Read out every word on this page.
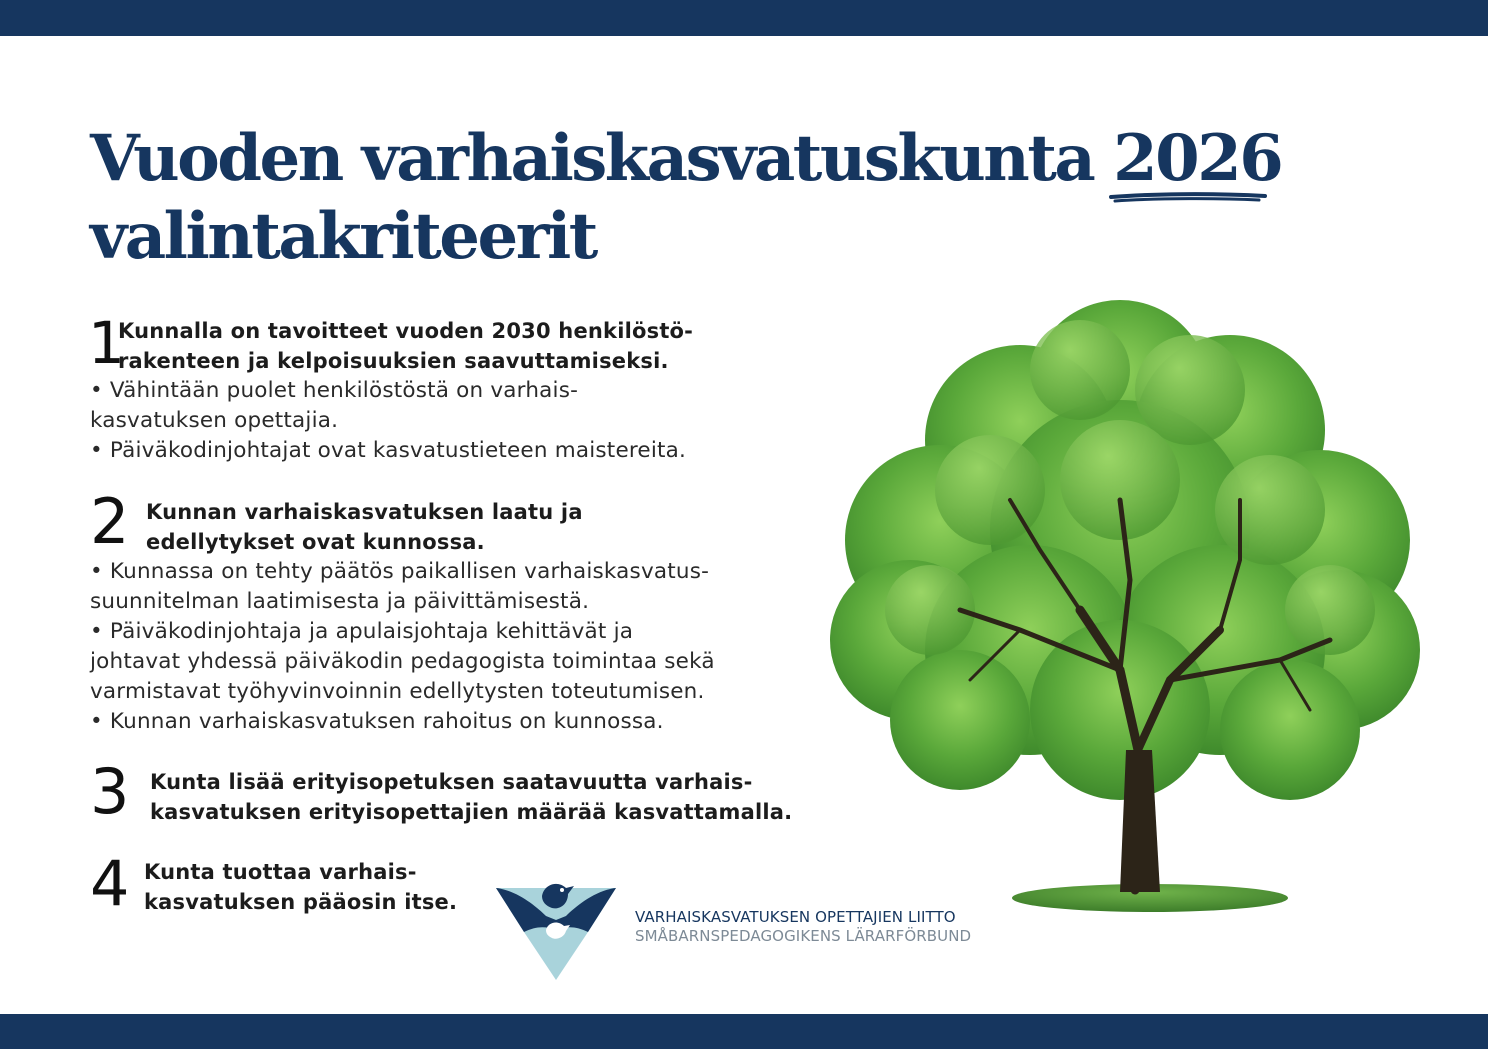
Vuoden varhaiskasvatuskunta 2026
valintakriteerit
1

Kunnalla on tavoitteet vuoden 2030 henkilöstö-
rakenteen ja kelpoisuuksien saavuttamiseksi.

• Vähintään puolet henkilöstöstä on varhais-
kasvatuksen opettajia.

• Päiväkodinjohtajat ovat kasvatustieteen maistereita.

2 Kunnan varhaiskasvatuksen laatu ja
edellytykset ovat kunnossa.

• Kunnassa on tehty päätös paikallisen varhaiskasvatus-
suunnitelman laatimisesta ja päivittämisestä.

• Päiväkodinjohtaja ja apulaisjohtaja kehittävät ja
johtavat yhdessä päiväkodin pedagogista toimintaa sekä
varmistavat työhyvinvoinnin edellytysten toteutumisen.

• Kunnan varhaiskasvatuksen rahoitus on kunnossa.

3 Kunta lisää erityisopetuksen saatavuutta varhais-
kasvatuksen erityisopettajien määrää kasvattamalla.

4 Kunta tuottaa varhais-
kasvatuksen pääosin itse.

VARHAISKASVATUKSEN OPETTAJIEN LIITTO
SMÅBARNSPEDAGOGIKENS LÄRARFÖRBUND
